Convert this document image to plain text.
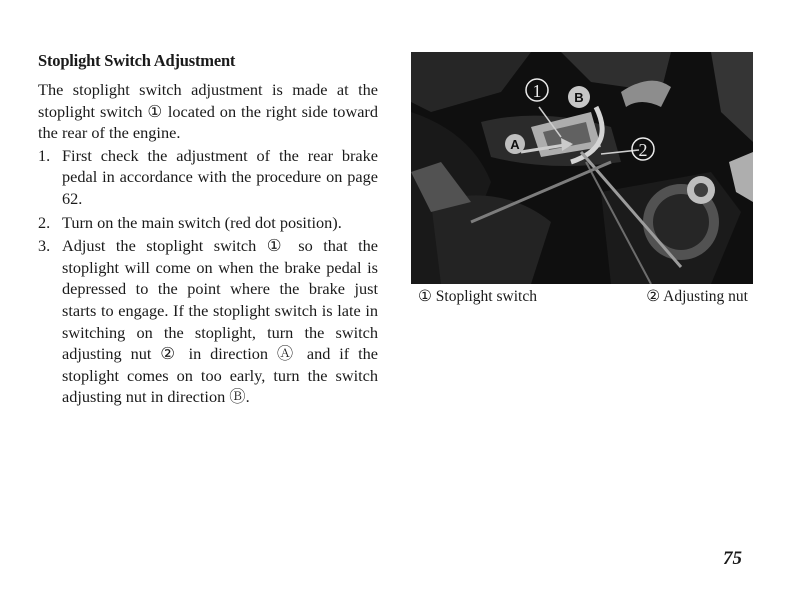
Stoplight Switch Adjustment

The stoplight switch adjustment is made at the stoplight switch ① located on the right side toward the rear of the engine.

1. First check the adjustment of the rear brake pedal in accordance with the procedure on page 62.
2. Turn on the main switch (red dot position).
3. Adjust the stoplight switch ① so that the stoplight will come on when the brake pedal is depressed to the point where the brake just starts to engage. If the stoplight switch is late in switching on the stoplight, turn the switch adjusting nut ② in direction Ⓐ and if the stoplight comes on too early, turn the switch adjusting nut in direction Ⓑ.
1	B
A	2
① Stoplight switch	② Adjusting nut
75
